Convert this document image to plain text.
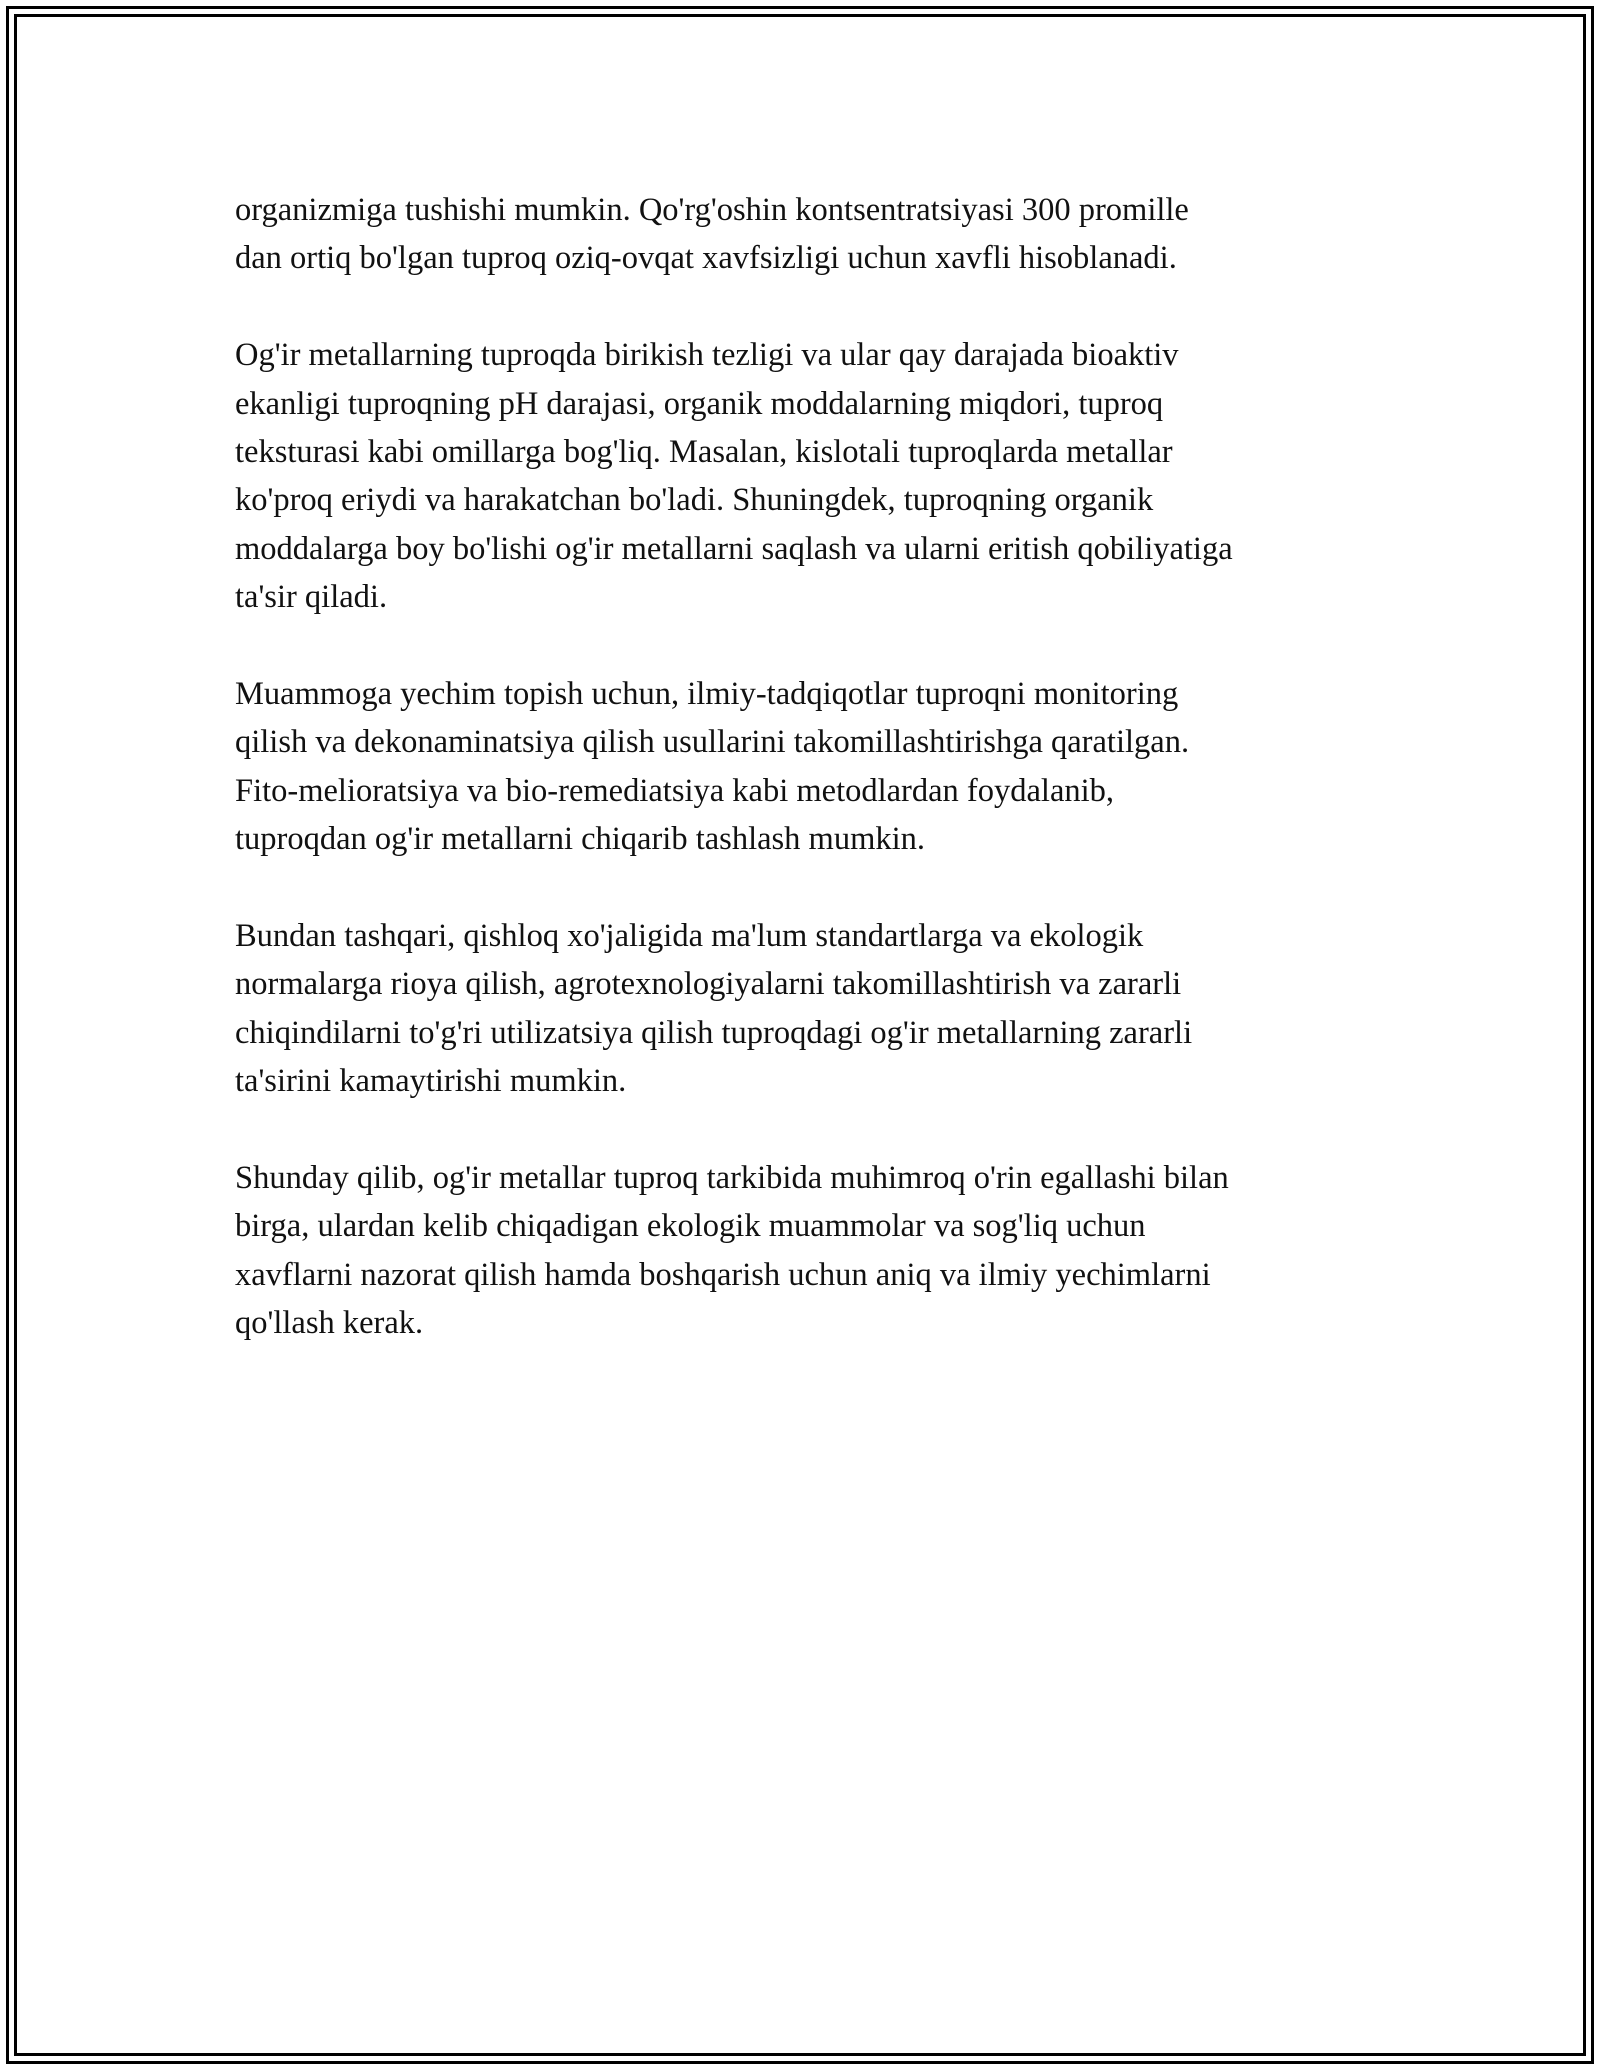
organizmiga tushishi mumkin. Qo'rg'oshin kontsentratsiyasi 300 promille
dan ortiq bo'lgan tuproq oziq-ovqat xavfsizligi uchun xavfli hisoblanadi.

Og'ir metallarning tuproqda birikish tezligi va ular qay darajada bioaktiv
ekanligi tuproqning pH darajasi, organik moddalarning miqdori, tuproq
teksturasi kabi omillarga bog'liq. Masalan, kislotali tuproqlarda metallar
ko'proq eriydi va harakatchan bo'ladi. Shuningdek, tuproqning organik
moddalarga boy bo'lishi og'ir metallarni saqlash va ularni eritish qobiliyatiga
ta'sir qiladi.

Muammoga yechim topish uchun, ilmiy-tadqiqotlar tuproqni monitoring
qilish va dekonaminatsiya qilish usullarini takomillashtirishga qaratilgan.
Fito-melioratsiya va bio-remediatsiya kabi metodlardan foydalanib,
tuproqdan og'ir metallarni chiqarib tashlash mumkin.

Bundan tashqari, qishloq xo'jaligida ma'lum standartlarga va ekologik
normalarga rioya qilish, agrotexnologiyalarni takomillashtirish va zararli
chiqindilarni to'g'ri utilizatsiya qilish tuproqdagi og'ir metallarning zararli
ta'sirini kamaytirishi mumkin.

Shunday qilib, og'ir metallar tuproq tarkibida muhimroq o'rin egallashi bilan
birga, ulardan kelib chiqadigan ekologik muammolar va sog'liq uchun
xavflarni nazorat qilish hamda boshqarish uchun aniq va ilmiy yechimlarni
qo'llash kerak.
